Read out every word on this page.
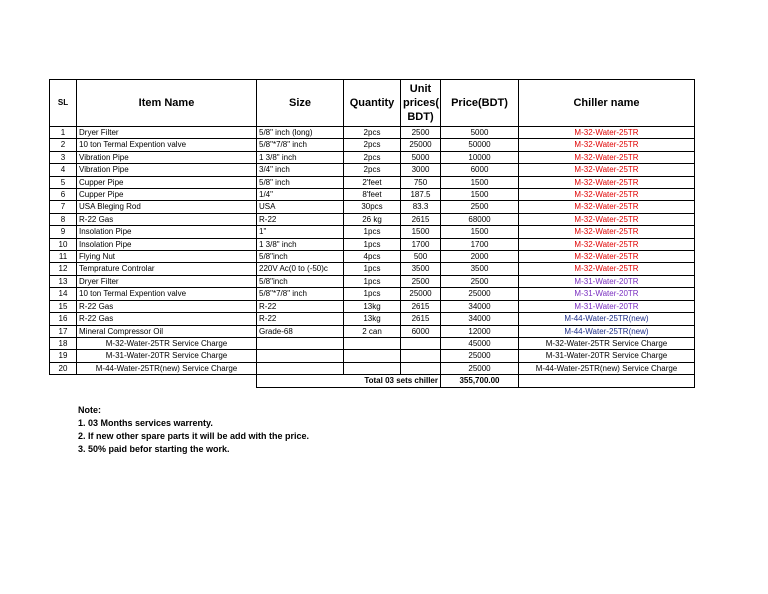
SL	Item Name	Size	Quantity	Unit
prices(
BDT)	Price(BDT)	Chiller name
1	Dryer Filter	5/8" inch (long)	2pcs	2500	5000	M-32-Water-25TR
2	10 ton Termal Expention valve	5/8"*7/8" inch	2pcs	25000	50000	M-32-Water-25TR
3	Vibration Pipe	1 3/8" inch	2pcs	5000	10000	M-32-Water-25TR
4	Vibration Pipe	3/4" inch	2pcs	3000	6000	M-32-Water-25TR
5	Cupper Pipe	5/8" inch	2'feet	750	1500	M-32-Water-25TR
6	Cupper Pipe	1/4"	8'feet	187.5	1500	M-32-Water-25TR
7	USA Bleging Rod	USA	30pcs	83.3	2500	M-32-Water-25TR
8	R-22 Gas	R-22	26 kg	2615	68000	M-32-Water-25TR
9	Insolation Pipe	1"	1pcs	1500	1500	M-32-Water-25TR
10	Insolation Pipe	1 3/8" inch	1pcs	1700	1700	M-32-Water-25TR
11	Flying Nut	5/8"inch	4pcs	500	2000	M-32-Water-25TR
12	Temprature Controlar	220V Ac(0 to (-50)c	1pcs	3500	3500	M-32-Water-25TR
13	Dryer Filter	5/8"inch	1pcs	2500	2500	M-31-Water-20TR
14	10 ton Termal Expention valve	5/8"*7/8" inch	1pcs	25000	25000	M-31-Water-20TR
15	R-22 Gas	R-22	13kg	2615	34000	M-31-Water-20TR
16	R-22 Gas	R-22	13kg	2615	34000	M-44-Water-25TR(new)
17	Mineral Compressor Oil	Grade-68	2 can	6000	12000	M-44-Water-25TR(new)
18	M-32-Water-25TR Service Charge				45000	M-32-Water-25TR Service Charge
19	M-31-Water-20TR Service Charge				25000	M-31-Water-20TR Service Charge
20	M-44-Water-25TR(new) Service Charge				25000	M-44-Water-25TR(new) Service Charge
		Total 03 sets chiller			355,700.00	
Note:
1. 03 Months services warrenty.
2. If new other spare parts it will be add with the price.
3. 50% paid befor starting the work.
